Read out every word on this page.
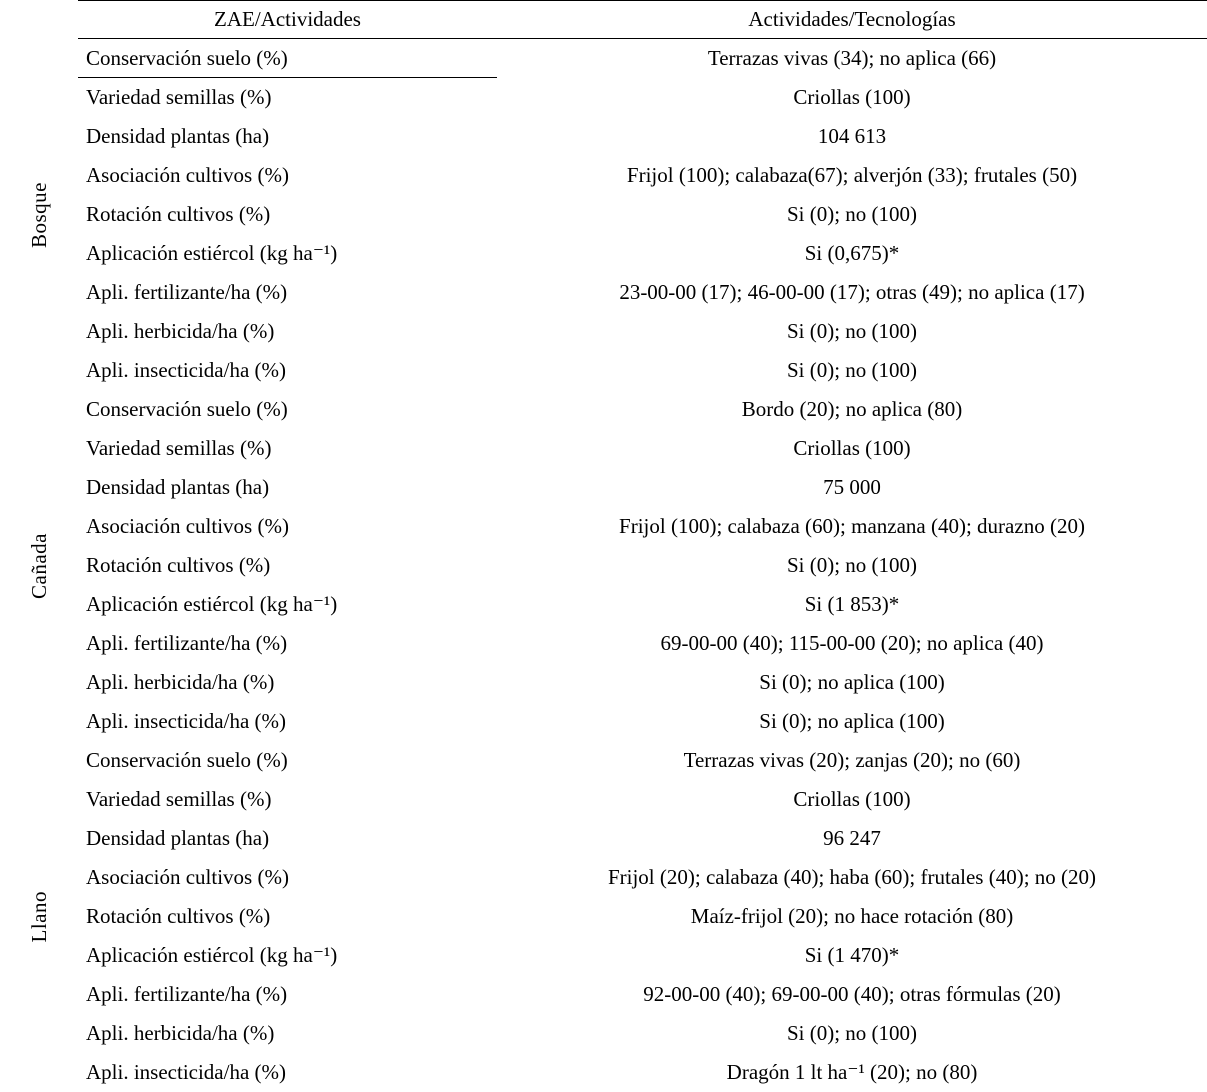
ZAE/Actividades	Actividades/Tecnologías
Bosque
Conservación suelo (%)	Terrazas vivas (34); no aplica (66)
Variedad semillas (%)	Criollas (100)
Densidad plantas (ha)	104 613
Asociación cultivos (%)	Frijol (100); calabaza(67); alverjón (33); frutales (50)
Rotación cultivos (%)	Si (0); no (100)
Aplicación estiércol (kg ha⁻¹)	Si (0,675)*
Apli. fertilizante/ha (%)	23-00-00 (17); 46-00-00 (17); otras (49); no aplica (17)
Apli. herbicida/ha (%)	Si (0); no (100)
Apli. insecticida/ha (%)	Si (0); no (100)
Cañada
Conservación suelo (%)	Bordo (20); no aplica (80)
Variedad semillas (%)	Criollas (100)
Densidad plantas (ha)	75 000
Asociación cultivos (%)	Frijol (100); calabaza (60); manzana (40); durazno (20)
Rotación cultivos (%)	Si (0); no (100)
Aplicación estiércol (kg ha⁻¹)	Si (1 853)*
Apli. fertilizante/ha (%)	69-00-00 (40); 115-00-00 (20); no aplica (40)
Apli. herbicida/ha (%)	Si (0); no aplica (100)
Apli. insecticida/ha (%)	Si (0); no aplica (100)
Llano
Conservación suelo (%)	Terrazas vivas (20); zanjas (20); no (60)
Variedad semillas (%)	Criollas (100)
Densidad plantas (ha)	96 247
Asociación cultivos (%)	Frijol (20); calabaza (40); haba (60); frutales (40); no (20)
Rotación cultivos (%)	Maíz-frijol (20); no hace rotación (80)
Aplicación estiércol (kg ha⁻¹)	Si (1 470)*
Apli. fertilizante/ha (%)	92-00-00 (40); 69-00-00 (40); otras fórmulas (20)
Apli. herbicida/ha (%)	Si (0); no (100)
Apli. insecticida/ha (%)	Dragón 1 lt ha⁻¹ (20); no (80)
